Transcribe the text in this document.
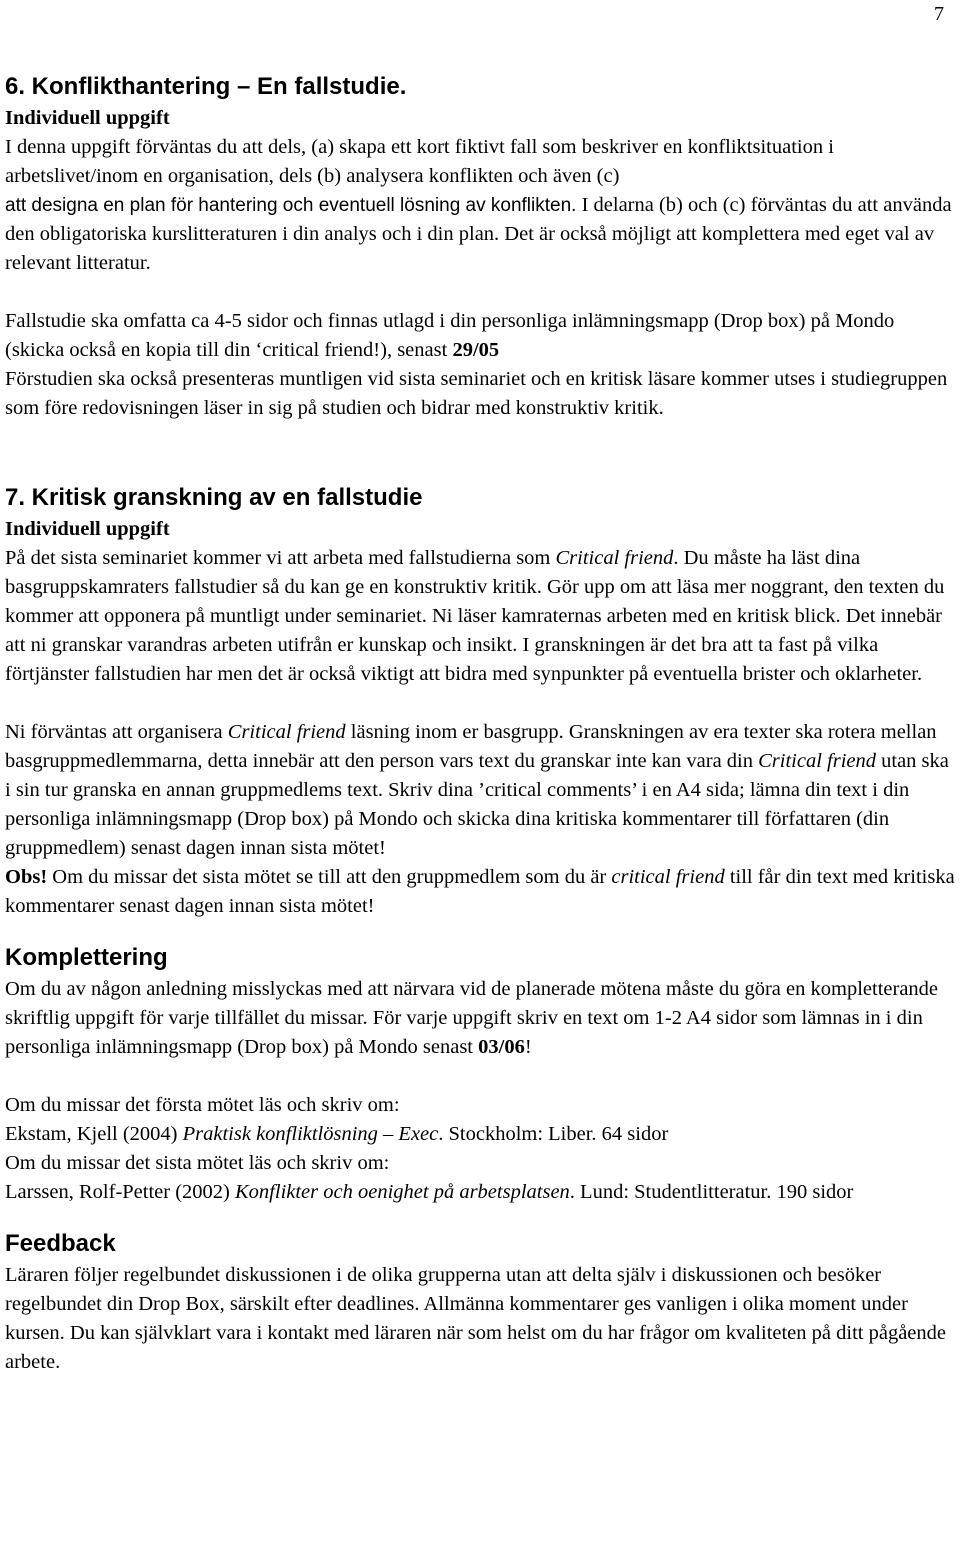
7
6. Konflikthantering – En fallstudie.
Individuell uppgift

I denna uppgift förväntas du att dels, (a) skapa ett kort fiktivt fall som beskriver en konfliktsituation i arbetslivet/inom en organisation, dels (b) analysera konflikten och även (c)
att designa en plan för hantering och eventuell lösning av konflikten. I delarna (b) och (c) förväntas du att använda den obligatoriska kurslitteraturen i din analys och i din plan. Det är också möjligt att komplettera med eget val av relevant litteratur.

Fallstudie ska omfatta ca 4-5 sidor och finnas utlagd i din personliga inlämningsmapp (Drop box) på Mondo (skicka också en kopia till din ‘critical friend!), senast 29/05

Förstudien ska också presenteras muntligen vid sista seminariet och en kritisk läsare kommer utses i studiegruppen som före redovisningen läser in sig på studien och bidrar med konstruktiv kritik.

7. Kritisk granskning av en fallstudie
Individuell uppgift

På det sista seminariet kommer vi att arbeta med fallstudierna som Critical friend. Du måste ha läst dina basgruppskamraters fallstudier så du kan ge en konstruktiv kritik. Gör upp om att läsa mer noggrant, den texten du kommer att opponera på muntligt under seminariet. Ni läser kamraternas arbeten med en kritisk blick. Det innebär att ni granskar varandras arbeten utifrån er kunskap och insikt. I granskningen är det bra att ta fast på vilka förtjänster fallstudien har men det är också viktigt att bidra med synpunkter på eventuella brister och oklarheter.

Ni förväntas att organisera Critical friend läsning inom er basgrupp. Granskningen av era texter ska rotera mellan basgruppmedlemmarna, detta innebär att den person vars text du granskar inte kan vara din Critical friend utan ska i sin tur granska en annan gruppmedlems text. Skriv dina ’critical comments’ i en A4 sida; lämna din text i din personliga inlämningsmapp (Drop box) på Mondo och skicka dina kritiska kommentarer till författaren (din gruppmedlem) senast dagen innan sista mötet!
Obs! Om du missar det sista mötet se till att den gruppmedlem som du är critical friend till får din text med kritiska kommentarer senast dagen innan sista mötet!

Komplettering

Om du av någon anledning misslyckas med att närvara vid de planerade mötena måste du göra en kompletterande skriftlig uppgift för varje tillfället du missar. För varje uppgift skriv en text om 1-2 A4 sidor som lämnas in i din personliga inlämningsmapp (Drop box) på Mondo senast 03/06!

Om du missar det första mötet läs och skriv om:

Ekstam, Kjell (2004) Praktisk konfliktlösning – Exec. Stockholm: Liber. 64 sidor

Om du missar det sista mötet läs och skriv om:

Larssen, Rolf-Petter (2002) Konflikter och oenighet på arbetsplatsen. Lund: Studentlitteratur. 190 sidor

Feedback

Läraren följer regelbundet diskussionen i de olika grupperna utan att delta själv i diskussionen och besöker regelbundet din Drop Box, särskilt efter deadlines. Allmänna kommentarer ges vanligen i olika moment under kursen. Du kan självklart vara i kontakt med läraren när som helst om du har frågor om kvaliteten på ditt pågående arbete.
